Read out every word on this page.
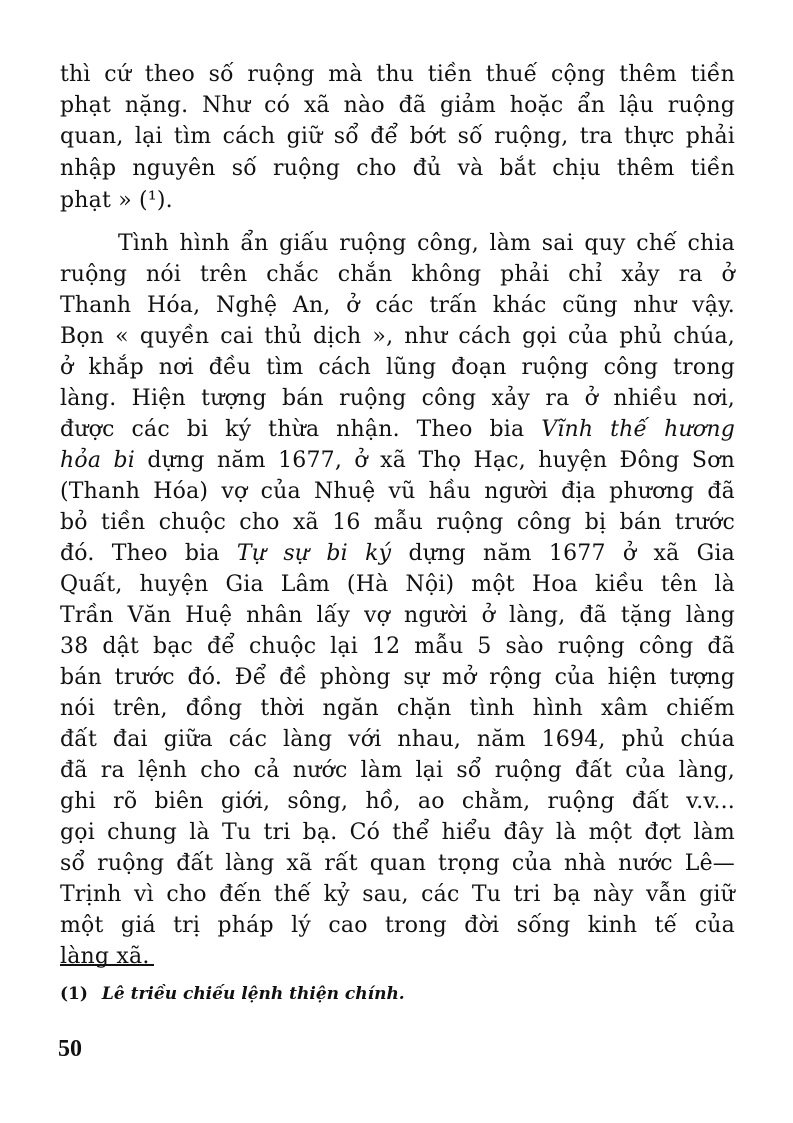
thì cứ theo số ruộng mà thu tiền thuế cộng thêm tiền
phạt nặng. Như có xã nào đã giảm hoặc ẩn lậu ruộng
quan, lại tìm cách giữ sổ để bớt số ruộng, tra thực phải
nhập nguyên số ruộng cho đủ và bắt chịu thêm tiền
phạt » (¹).
Tình hình ẩn giấu ruộng công, làm sai quy chế chia
ruộng nói trên chắc chắn không phải chỉ xảy ra ở
Thanh Hóa, Nghệ An, ở các trấn khác cũng như vậy.
Bọn « quyền cai thủ dịch », như cách gọi của phủ chúa,
ở khắp nơi đều tìm cách lũng đoạn ruộng công trong
làng. Hiện tượng bán ruộng công xảy ra ở nhiều nơi,
được các bi ký thừa nhận. Theo bia Vĩnh thế hương
hỏa bi dựng năm 1677, ở xã Thọ Hạc, huyện Đông Sơn
(Thanh Hóa) vợ của Nhuệ vũ hầu người địa phương đã
bỏ tiền chuộc cho xã 16 mẫu ruộng công bị bán trước
đó. Theo bia Tự sự bi ký dựng năm 1677 ở xã Gia
Quất, huyện Gia Lâm (Hà Nội) một Hoa kiều tên là
Trần Văn Huệ nhân lấy vợ người ở làng, đã tặng làng
38 dật bạc để chuộc lại 12 mẫu 5 sào ruộng công đã
bán trước đó. Để đề phòng sự mở rộng của hiện tượng
nói trên, đồng thời ngăn chặn tình hình xâm chiếm
đất đai giữa các làng với nhau, năm 1694, phủ chúa
đã ra lệnh cho cả nước làm lại sổ ruộng đất của làng,
ghi rõ biên giới, sông, hồ, ao chằm, ruộng đất v.v...
gọi chung là Tu tri bạ. Có thể hiểu đây là một đợt làm
sổ ruộng đất làng xã rất quan trọng của nhà nước Lê—
Trịnh vì cho đến thế kỷ sau, các Tu tri bạ này vẫn giữ
một giá trị pháp lý cao trong đời sống kinh tế của
làng xã.
(1) Lê triều chiếu lệnh thiện chính.
50
